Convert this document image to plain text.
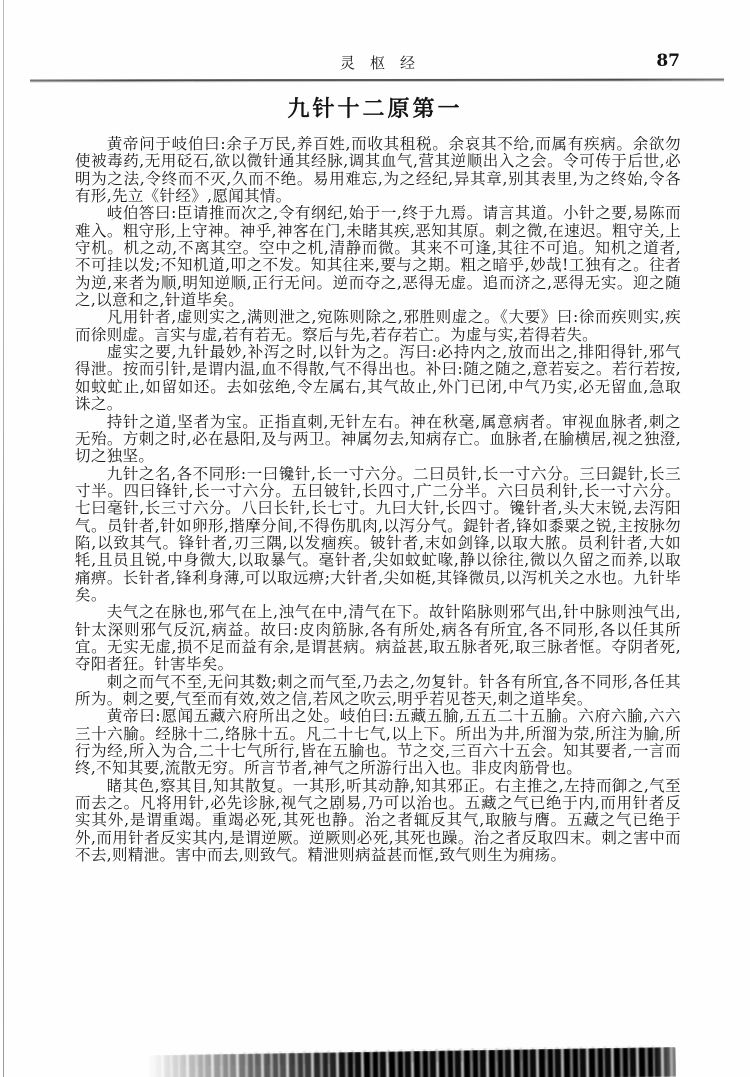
灵枢经	87
九针十二原第一

黄帝问于岐伯曰:余子万民,养百姓,而收其租税。余哀其不给,而属有疾病。余欲勿使被毒药,无用砭石,欲以微针通其经脉,调其血气,营其逆顺出入之会。令可传于后世,必明为之法,令终而不灭,久而不绝。易用难忘,为之经纪,异其章,别其表里,为之终始,令各有形,先立《针经》,愿闻其情。

岐伯答曰:臣请推而次之,令有纲纪,始于一,终于九焉。请言其道。小针之要,易陈而难入。粗守形,上守神。神乎,神客在门,未睹其疾,恶知其原。刺之微,在速迟。粗守关,上守机。机之动,不离其空。空中之机,清静而微。其来不可逢,其往不可追。知机之道者,不可挂以发;不知机道,叩之不发。知其往来,要与之期。粗之暗乎,妙哉!工独有之。往者为逆,来者为顺,明知逆顺,正行无问。逆而夺之,恶得无虚。追而济之,恶得无实。迎之随之,以意和之,针道毕矣。

凡用针者,虚则实之,满则泄之,宛陈则除之,邪胜则虚之。《大要》曰:徐而疾则实,疾而徐则虚。言实与虚,若有若无。察后与先,若存若亡。为虚与实,若得若失。

虚实之要,九针最妙,补泻之时,以针为之。泻曰:必持内之,放而出之,排阳得针,邪气得泄。按而引针,是谓内温,血不得散,气不得出也。补曰:随之随之,意若妄之。若行若按,如蚊虻止,如留如还。去如弦绝,令左属右,其气故止,外门已闭,中气乃实,必无留血,急取诛之。

持针之道,坚者为宝。正指直刺,无针左右。神在秋毫,属意病者。审视血脉者,刺之无殆。方刺之时,必在悬阳,及与两卫。神属勿去,知病存亡。血脉者,在腧横居,视之独澄,切之独坚。

九针之名,各不同形:一曰镵针,长一寸六分。二曰员针,长一寸六分。三曰鍉针,长三寸半。四曰锋针,长一寸六分。五曰铍针,长四寸,广二分半。六曰员利针,长一寸六分。七曰毫针,长三寸六分。八曰长针,长七寸。九曰大针,长四寸。镵针者,头大末锐,去泻阳气。员针者,针如卵形,揩摩分间,不得伤肌肉,以泻分气。鍉针者,锋如黍粟之锐,主按脉勿陷,以致其气。锋针者,刃三隅,以发痼疾。铍针者,末如剑锋,以取大脓。员利针者,大如牦,且员且锐,中身微大,以取暴气。毫针者,尖如蚊虻喙,静以徐往,微以久留之而养,以取痛痹。长针者,锋利身薄,可以取远痹;大针者,尖如梃,其锋微员,以泻机关之水也。九针毕矣。

夫气之在脉也,邪气在上,浊气在中,清气在下。故针陷脉则邪气出,针中脉则浊气出,针太深则邪气反沉,病益。故曰:皮肉筋脉,各有所处,病各有所宜,各不同形,各以任其所宜。无实无虚,损不足而益有余,是谓甚病。病益甚,取五脉者死,取三脉者恇。夺阴者死,夺阳者狂。针害毕矣。

刺之而气不至,无问其数;刺之而气至,乃去之,勿复针。针各有所宜,各不同形,各任其所为。刺之要,气至而有效,效之信,若风之吹云,明乎若见苍天,刺之道毕矣。

黄帝曰:愿闻五藏六府所出之处。岐伯曰:五藏五腧,五五二十五腧。六府六腧,六六三十六腧。经脉十二,络脉十五。凡二十七气,以上下。所出为井,所溜为荥,所注为腧,所行为经,所入为合,二十七气所行,皆在五腧也。节之交,三百六十五会。知其要者,一言而终,不知其要,流散无穷。所言节者,神气之所游行出入也。非皮肉筋骨也。

睹其色,察其目,知其散复。一其形,听其动静,知其邪正。右主推之,左持而御之,气至而去之。凡将用针,必先诊脉,视气之剧易,乃可以治也。五藏之气已绝于内,而用针者反实其外,是谓重竭。重竭必死,其死也静。治之者辄反其气,取腋与膺。五藏之气已绝于外,而用针者反实其内,是谓逆厥。逆厥则必死,其死也躁。治之者反取四末。刺之害中而不去,则精泄。害中而去,则致气。精泄则病益甚而恇,致气则生为痈疡。
